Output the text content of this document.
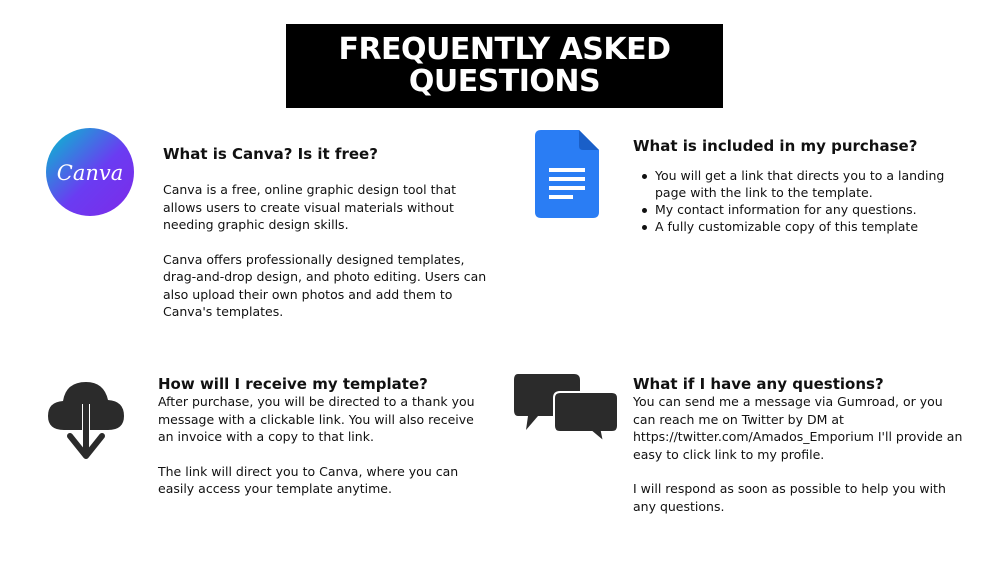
FREQUENTLY ASKED
QUESTIONS
Canva
What is Canva? Is it free?

Canva is a free, online graphic design tool that allows users to create visual materials without needing graphic design skills.

Canva offers professionally designed templates, drag-and-drop design, and photo editing. Users can also upload their own photos and add them to Canva's templates.

What is included in my purchase?
You will get a link that directs you to a landing page with the link to the template.
My contact information for any questions.
A fully customizable copy of this template
How will I receive my template?

After purchase, you will be directed to a thank you message with a clickable link. You will also receive an invoice with a copy to that link.

The link will direct you to Canva, where you can easily access your template anytime.

What if I have any questions?

You can send me a message via Gumroad, or you can reach me on Twitter by DM at https://twitter.com/Amados_Emporium I'll provide an easy to click link to my profile.

I will respond as soon as possible to help you with any questions.
